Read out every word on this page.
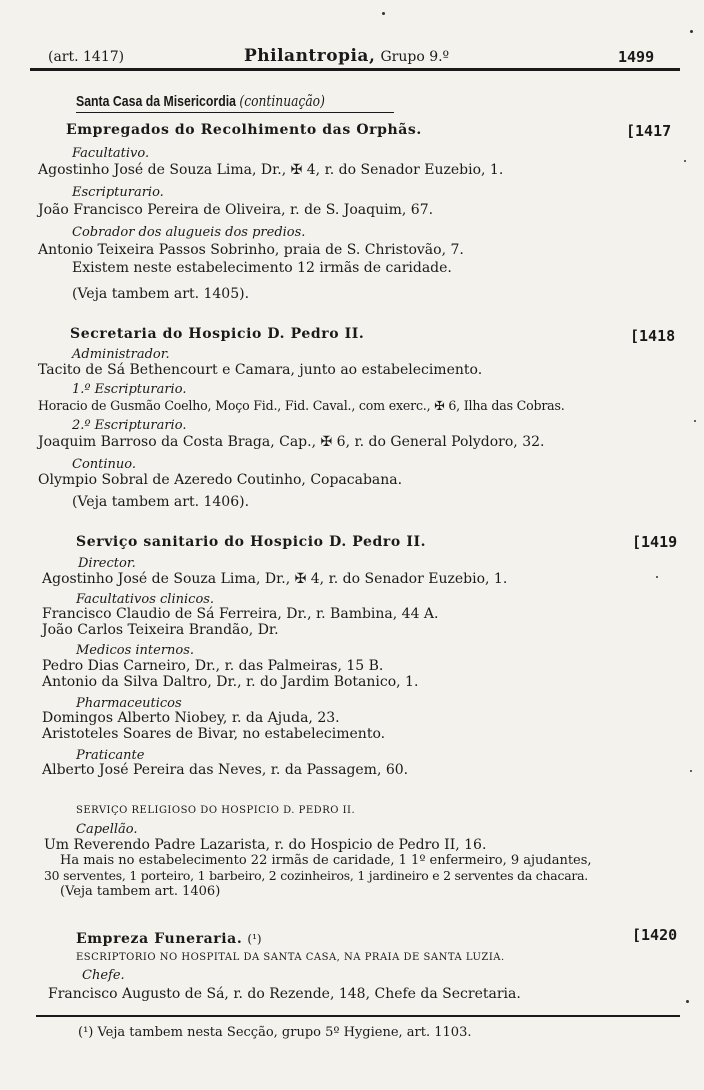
(art. 1417)	Philantropia, Grupo 9.º	1499
Santa Casa da Misericordia (continuação)
Empregados do Recolhimento das Orphãs.	[1417
Facultativo.
Agostinho José de Souza Lima, Dr., ✠ 4, r. do Senador Euzebio, 1.
Escripturario.
João Francisco Pereira de Oliveira, r. de S. Joaquim, 67.
Cobrador dos alugueis dos predios.
Antonio Teixeira Passos Sobrinho, praia de S. Christovão, 7.
Existem neste estabelecimento 12 irmãs de caridade.
(Veja tambem art. 1405).
Secretaria do Hospicio D. Pedro II.	[1418
Administrador.
Tacito de Sá Bethencourt e Camara, junto ao estabelecimento.
1.º Escripturario.
Horacio de Gusmão Coelho, Moço Fid., Fid. Caval., com exerc., ✠ 6, Ilha das Cobras.
2.º Escripturario.
Joaquim Barroso da Costa Braga, Cap., ✠ 6, r. do General Polydoro, 32.
Continuo.
Olympio Sobral de Azeredo Coutinho, Copacabana.
(Veja tambem art. 1406).
Serviço sanitario do Hospicio D. Pedro II.	[1419
Director.
Agostinho José de Souza Lima, Dr., ✠ 4, r. do Senador Euzebio, 1.
Facultativos clinicos.
Francisco Claudio de Sá Ferreira, Dr., r. Bambina, 44 A.
João Carlos Teixeira Brandão, Dr.
Medicos internos.
Pedro Dias Carneiro, Dr., r. das Palmeiras, 15 B.
Antonio da Silva Daltro, Dr., r. do Jardim Botanico, 1.
Pharmaceuticos
Domingos Alberto Niobey, r. da Ajuda, 23.
Aristoteles Soares de Bivar, no estabelecimento.
Praticante
Alberto José Pereira das Neves, r. da Passagem, 60.
SERVIÇO RELIGIOSO DO HOSPICIO D. PEDRO II.
Capellão.
Um Reverendo Padre Lazarista, r. do Hospicio de Pedro II, 16.
Ha mais no estabelecimento 22 irmãs de caridade, 1 1º enfermeiro, 9 ajudantes,
30 serventes, 1 porteiro, 1 barbeiro, 2 cozinheiros, 1 jardineiro e 2 serventes da chacara.
(Veja tambem art. 1406)
Empreza Funeraria. (¹)	[1420
ESCRIPTORIO NO HOSPITAL DA SANTA CASA, NA PRAIA DE SANTA LUZIA.
Chefe.
Francisco Augusto de Sá, r. do Rezende, 148, Chefe da Secretaria.
(¹) Veja tambem nesta Secção, grupo 5º Hygiene, art. 1103.
